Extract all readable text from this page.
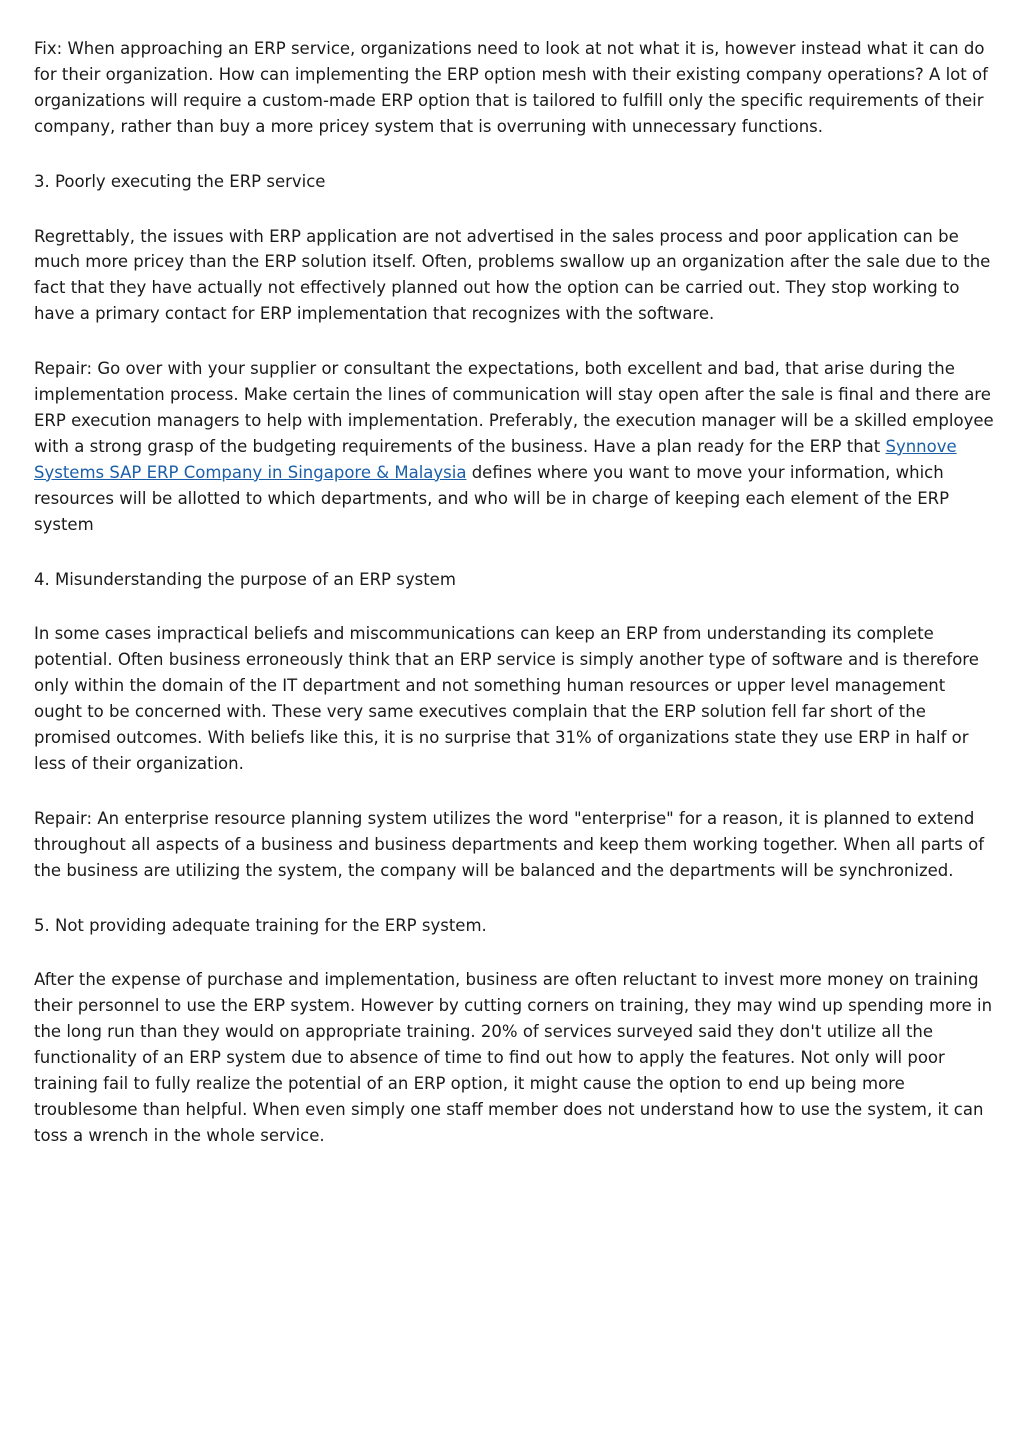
Fix: When approaching an ERP service, organizations need to look at not what it is, however instead what it can do for their organization. How can implementing the ERP option mesh with their existing company operations? A lot of organizations will require a custom-made ERP option that is tailored to fulfill only the specific requirements of their company, rather than buy a more pricey system that is overruning with unnecessary functions.

3. Poorly executing the ERP service

Regrettably, the issues with ERP application are not advertised in the sales process and poor application can be much more pricey than the ERP solution itself. Often, problems swallow up an organization after the sale due to the fact that they have actually not effectively planned out how the option can be carried out. They stop working to have a primary contact for ERP implementation that recognizes with the software.

Repair: Go over with your supplier or consultant the expectations, both excellent and bad, that arise during the implementation process. Make certain the lines of communication will stay open after the sale is final and there are ERP execution managers to help with implementation. Preferably, the execution manager will be a skilled employee with a strong grasp of the budgeting requirements of the business. Have a plan ready for the ERP that Synnove Systems SAP ERP Company in Singapore & Malaysia defines where you want to move your information, which resources will be allotted to which departments, and who will be in charge of keeping each element of the ERP system

4. Misunderstanding the purpose of an ERP system

In some cases impractical beliefs and miscommunications can keep an ERP from understanding its complete potential. Often business erroneously think that an ERP service is simply another type of software and is therefore only within the domain of the IT department and not something human resources or upper level management ought to be concerned with. These very same executives complain that the ERP solution fell far short of the promised outcomes. With beliefs like this, it is no surprise that 31% of organizations state they use ERP in half or less of their organization.

Repair: An enterprise resource planning system utilizes the word "enterprise" for a reason, it is planned to extend throughout all aspects of a business and business departments and keep them working together. When all parts of the business are utilizing the system, the company will be balanced and the departments will be synchronized.

5. Not providing adequate training for the ERP system.

After the expense of purchase and implementation, business are often reluctant to invest more money on training their personnel to use the ERP system. However by cutting corners on training, they may wind up spending more in the long run than they would on appropriate training. 20% of services surveyed said they don't utilize all the functionality of an ERP system due to absence of time to find out how to apply the features. Not only will poor training fail to fully realize the potential of an ERP option, it might cause the option to end up being more troublesome than helpful. When even simply one staff member does not understand how to use the system, it can toss a wrench in the whole service.
